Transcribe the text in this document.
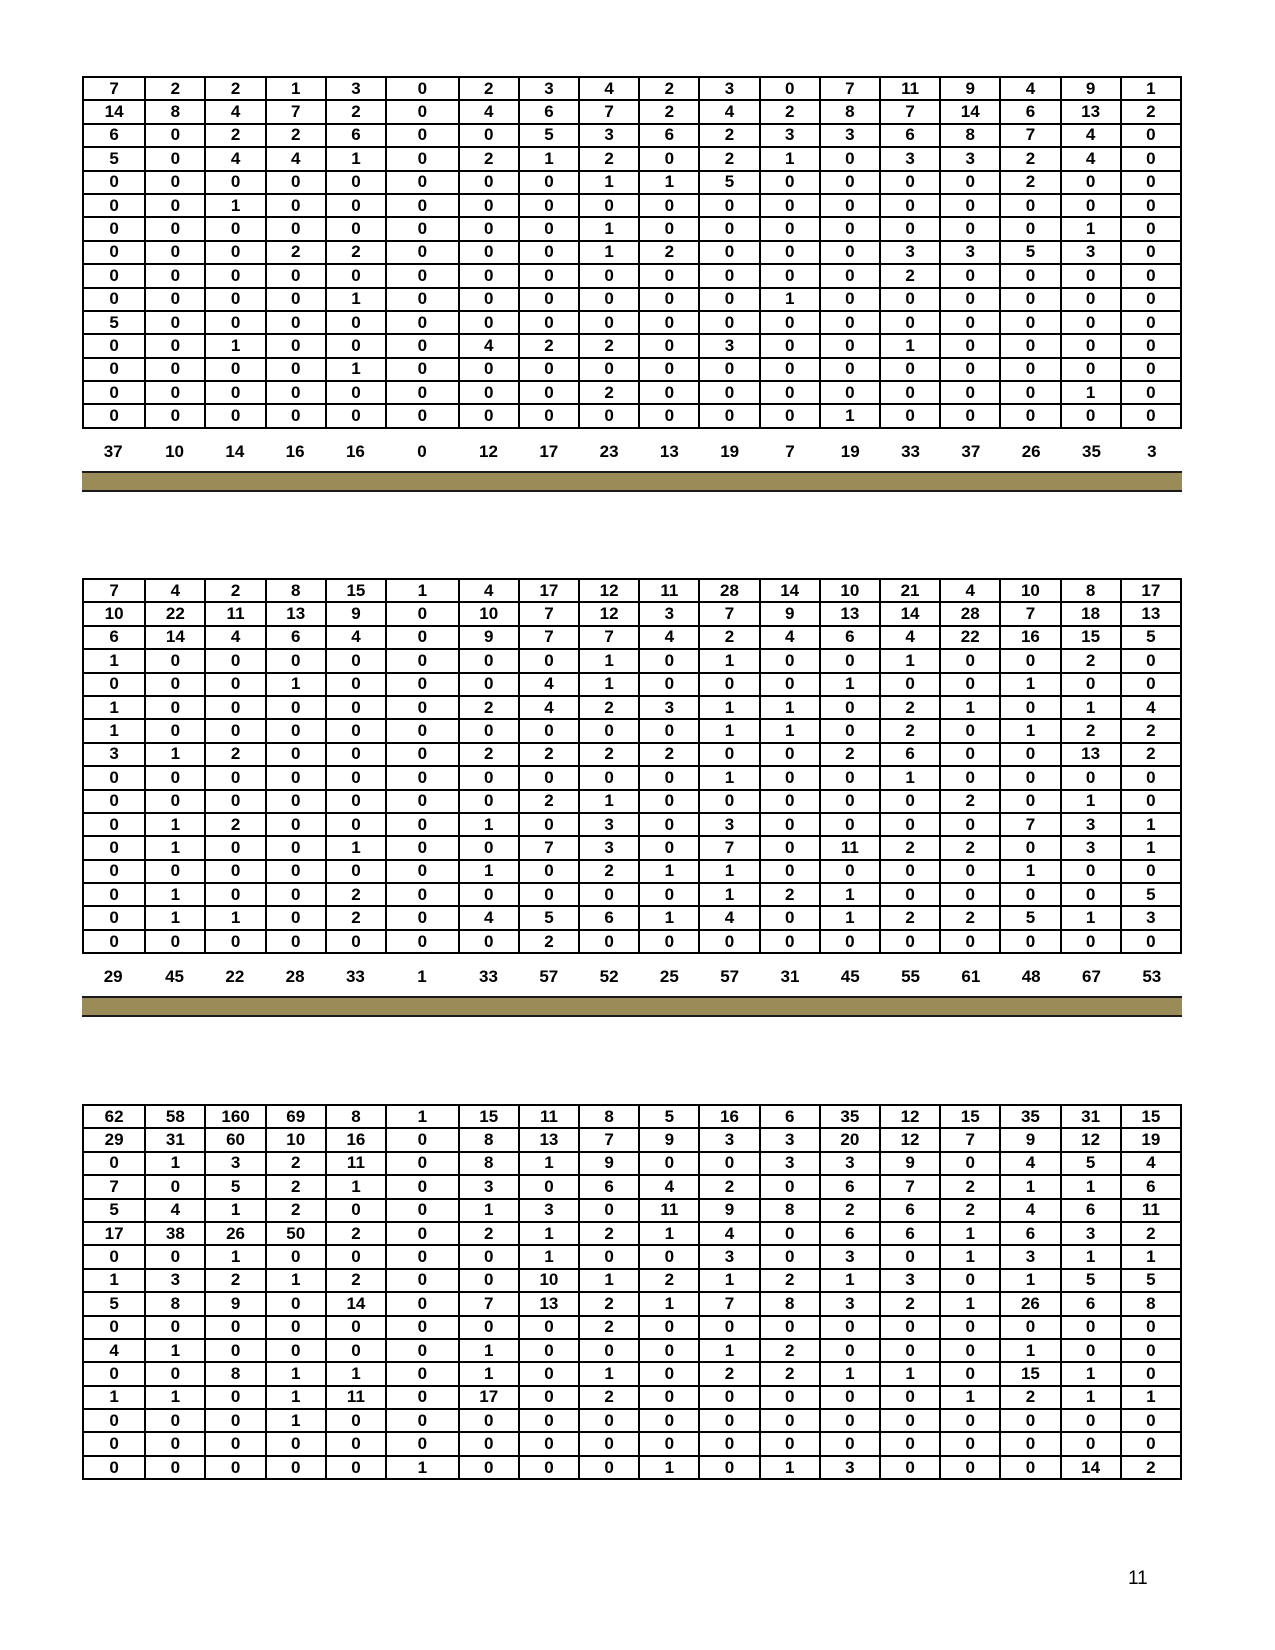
7	2	2	1	3	0	2	3	4	2	3	0	7	11	9	4	9	1
14	8	4	7	2	0	4	6	7	2	4	2	8	7	14	6	13	2
6	0	2	2	6	0	0	5	3	6	2	3	3	6	8	7	4	0
5	0	4	4	1	0	2	1	2	0	2	1	0	3	3	2	4	0
0	0	0	0	0	0	0	0	1	1	5	0	0	0	0	2	0	0
0	0	1	0	0	0	0	0	0	0	0	0	0	0	0	0	0	0
0	0	0	0	0	0	0	0	1	0	0	0	0	0	0	0	1	0
0	0	0	2	2	0	0	0	1	2	0	0	0	3	3	5	3	0
0	0	0	0	0	0	0	0	0	0	0	0	0	2	0	0	0	0
0	0	0	0	1	0	0	0	0	0	0	1	0	0	0	0	0	0
5	0	0	0	0	0	0	0	0	0	0	0	0	0	0	0	0	0
0	0	1	0	0	0	4	2	2	0	3	0	0	1	0	0	0	0
0	0	0	0	1	0	0	0	0	0	0	0	0	0	0	0	0	0
0	0	0	0	0	0	0	0	2	0	0	0	0	0	0	0	1	0
0	0	0	0	0	0	0	0	0	0	0	0	1	0	0	0	0	0
37	10	14	16	16	0	12	17	23	13	19	7	19	33	37	26	35	3
7	4	2	8	15	1	4	17	12	11	28	14	10	21	4	10	8	17
10	22	11	13	9	0	10	7	12	3	7	9	13	14	28	7	18	13
6	14	4	6	4	0	9	7	7	4	2	4	6	4	22	16	15	5
1	0	0	0	0	0	0	0	1	0	1	0	0	1	0	0	2	0
0	0	0	1	0	0	0	4	1	0	0	0	1	0	0	1	0	0
1	0	0	0	0	0	2	4	2	3	1	1	0	2	1	0	1	4
1	0	0	0	0	0	0	0	0	0	1	1	0	2	0	1	2	2
3	1	2	0	0	0	2	2	2	2	0	0	2	6	0	0	13	2
0	0	0	0	0	0	0	0	0	0	1	0	0	1	0	0	0	0
0	0	0	0	0	0	0	2	1	0	0	0	0	0	2	0	1	0
0	1	2	0	0	0	1	0	3	0	3	0	0	0	0	7	3	1
0	1	0	0	1	0	0	7	3	0	7	0	11	2	2	0	3	1
0	0	0	0	0	0	1	0	2	1	1	0	0	0	0	1	0	0
0	1	0	0	2	0	0	0	0	0	1	2	1	0	0	0	0	5
0	1	1	0	2	0	4	5	6	1	4	0	1	2	2	5	1	3
0	0	0	0	0	0	0	2	0	0	0	0	0	0	0	0	0	0
29	45	22	28	33	1	33	57	52	25	57	31	45	55	61	48	67	53
62	58	160	69	8	1	15	11	8	5	16	6	35	12	15	35	31	15
29	31	60	10	16	0	8	13	7	9	3	3	20	12	7	9	12	19
0	1	3	2	11	0	8	1	9	0	0	3	3	9	0	4	5	4
7	0	5	2	1	0	3	0	6	4	2	0	6	7	2	1	1	6
5	4	1	2	0	0	1	3	0	11	9	8	2	6	2	4	6	11
17	38	26	50	2	0	2	1	2	1	4	0	6	6	1	6	3	2
0	0	1	0	0	0	0	1	0	0	3	0	3	0	1	3	1	1
1	3	2	1	2	0	0	10	1	2	1	2	1	3	0	1	5	5
5	8	9	0	14	0	7	13	2	1	7	8	3	2	1	26	6	8
0	0	0	0	0	0	0	0	2	0	0	0	0	0	0	0	0	0
4	1	0	0	0	0	1	0	0	0	1	2	0	0	0	1	0	0
0	0	8	1	1	0	1	0	1	0	2	2	1	1	0	15	1	0
1	1	0	1	11	0	17	0	2	0	0	0	0	0	1	2	1	1
0	0	0	1	0	0	0	0	0	0	0	0	0	0	0	0	0	0
0	0	0	0	0	0	0	0	0	0	0	0	0	0	0	0	0	0
0	0	0	0	0	1	0	0	0	1	0	1	3	0	0	0	14	2
11
